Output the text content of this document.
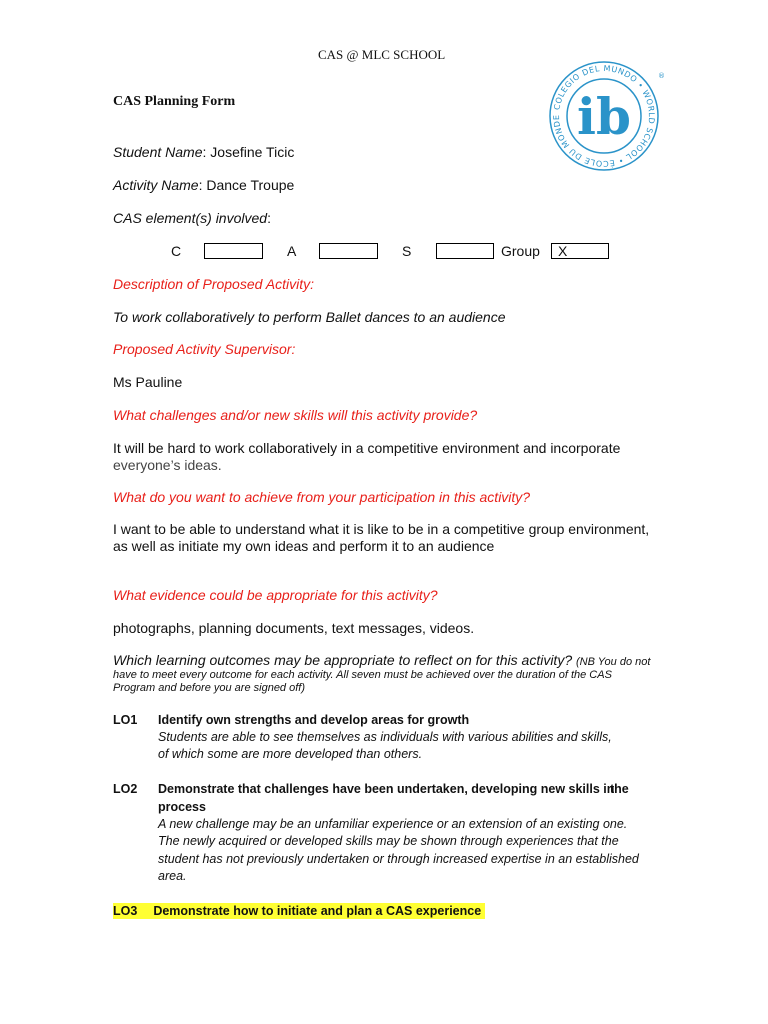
CAS @ MLC SCHOOL
CAS Planning Form	COLEGIO DEL MUNDO • WORLD SCHOOL • ÉCOLE DU MONDE ib
®
Student Name: Josefine Ticic
Activity Name: Dance Troupe
CAS element(s) involved:
C	A	S	Group	X
Description of Proposed Activity:
To work collaboratively to perform Ballet dances to an audience
Proposed Activity Supervisor:
Ms Pauline
What challenges and/or new skills will this activity provide?
It will be hard to work collaboratively in a competitive environment and incorporate
everyone’s ideas.
What do you want to achieve from your participation in this activity?
I want to be able to understand what it is like to be in a competitive group environment,
as well as initiate my own ideas and perform it to an audience
What evidence could be appropriate for this activity?
photographs, planning documents, text messages, videos.
Which learning outcomes may be appropriate to reflect on for this activity? (NB You do not
have to meet every outcome for each activity. All seven must be achieved over the duration of the CAS
Program and before you are signed off)
LO1 Identify own strengths and develop areas for growth
Students are able to see themselves as individuals with various abilities and skills,
of which some are more developed than others.
LO2 Demonstrate that challenges have been undertaken, developing new skills in
the
process
A new challenge may be an unfamiliar experience or an extension of an existing one.
The newly acquired or developed skills may be shown through experiences that the
student has not previously undertaken or through increased expertise in an established
area.
LO3 Demonstrate how to initiate and plan a CAS experience
